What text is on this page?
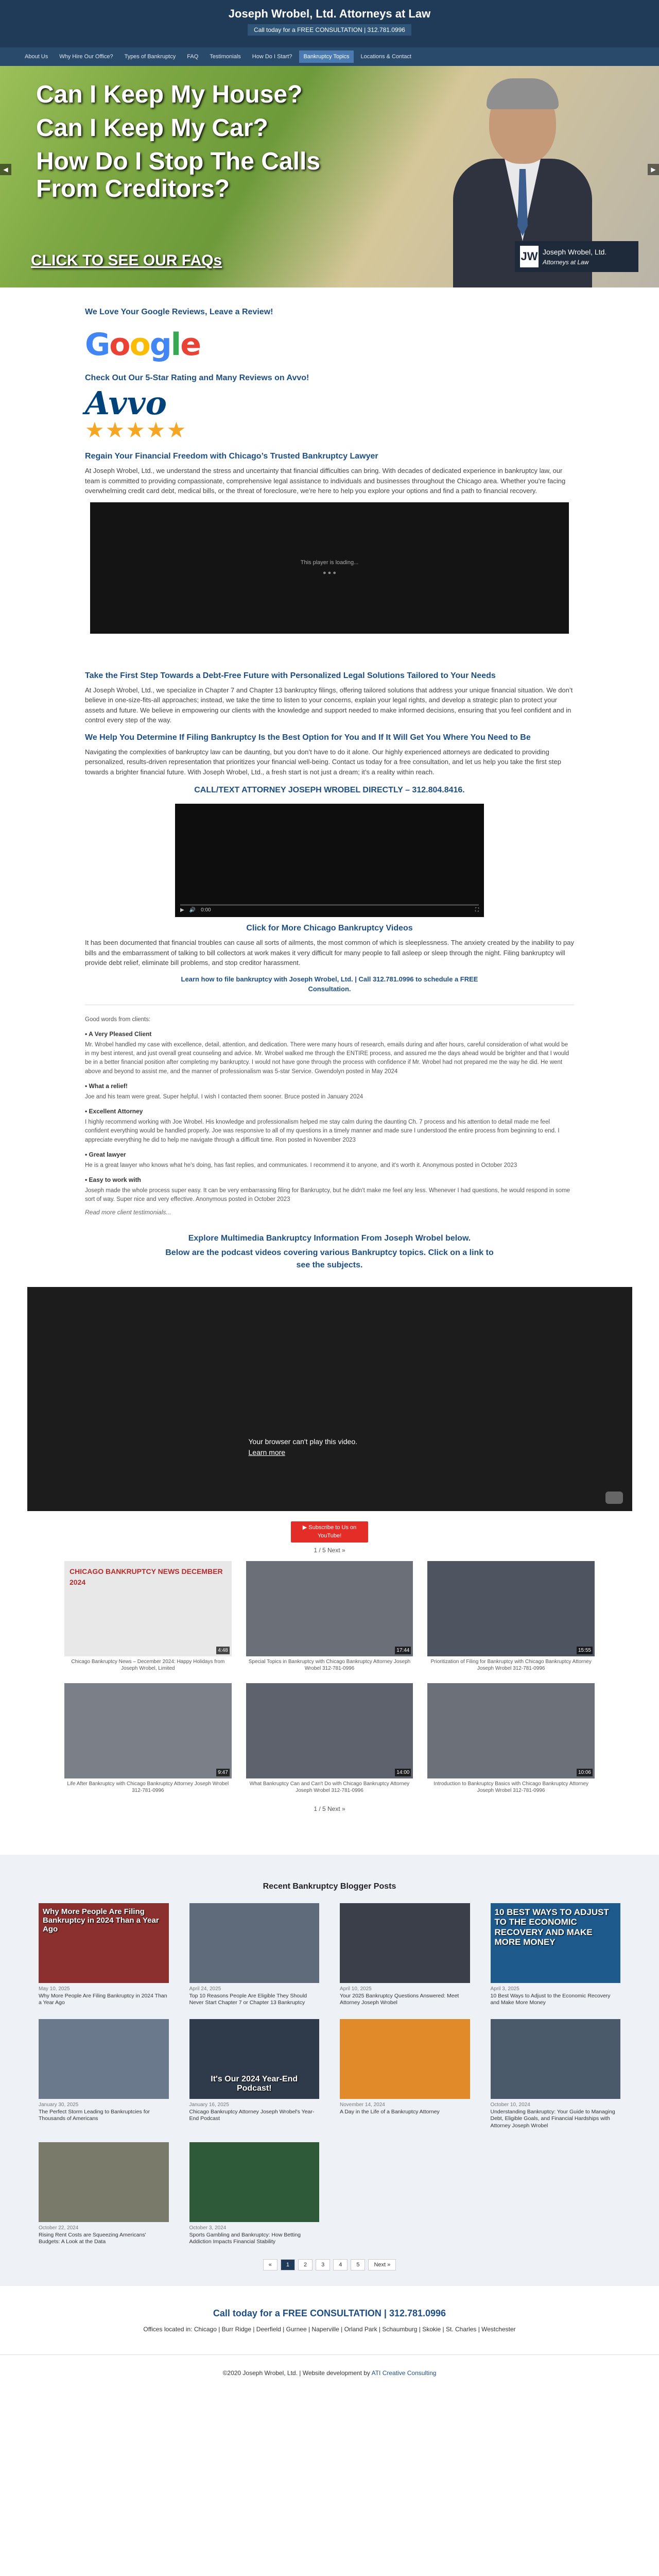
Joseph Wrobel, Ltd. Attorneys at Law
Call today for a FREE CONSULTATION | 312.781.0996
About Us	Why Hire Our Office?	Types of Bankruptcy	FAQ	Testimonials	How Do I Start?	Bankruptcy Topics	Locations & Contact
Can I Keep My House?
Can I Keep My Car?
How Do I Stop The Calls From Creditors?
CLICK TO SEE OUR FAQs	JW Joseph Wrobel, Ltd.
Attorneys at Law
◀	▶
We Love Your Google Reviews, Leave a Review!
Google
Check Out Our 5-Star Rating and Many Reviews on Avvo!
Avvo
★★★★★
Regain Your Financial Freedom with Chicago’s Trusted Bankruptcy Lawyer

At Joseph Wrobel, Ltd., we understand the stress and uncertainty that financial difficulties can bring. With decades of dedicated experience in bankruptcy law, our team is committed to providing compassionate, comprehensive legal assistance to individuals and businesses throughout the Chicago area. Whether you're facing overwhelming credit card debt, medical bills, or the threat of foreclosure, we're here to help you explore your options and find a path to financial recovery.

This player is loading...
● ● ●
Take the First Step Towards a Debt-Free Future with Personalized Legal Solutions Tailored to Your Needs

At Joseph Wrobel, Ltd., we specialize in Chapter 7 and Chapter 13 bankruptcy filings, offering tailored solutions that address your unique financial situation. We don’t believe in one-size-fits-all approaches; instead, we take the time to listen to your concerns, explain your legal rights, and develop a strategic plan to protect your assets and future. We believe in empowering our clients with the knowledge and support needed to make informed decisions, ensuring that you feel confident and in control every step of the way.

We Help You Determine If Filing Bankruptcy Is the Best Option for You and If It Will Get You Where You Need to Be

Navigating the complexities of bankruptcy law can be daunting, but you don’t have to do it alone. Our highly experienced attorneys are dedicated to providing personalized, results-driven representation that prioritizes your financial well-being. Contact us today for a free consultation, and let us help you take the first step towards a brighter financial future. With Joseph Wrobel, Ltd., a fresh start is not just a dream; it’s a reality within reach.

CALL/TEXT ATTORNEY JOSEPH WROBEL DIRECTLY – 312.804.8416.
▶ 🔊 0:00	⛶
Click for More Chicago Bankruptcy Videos

It has been documented that financial troubles can cause all sorts of ailments, the most common of which is sleeplessness. The anxiety created by the inability to pay bills and the embarrassment of talking to bill collectors at work makes it very difficult for many people to fall asleep or sleep through the night. Filing bankruptcy will provide debt relief, eliminate bill problems, and stop creditor harassment.

Learn how to file bankruptcy with Joseph Wrobel, Ltd. | Call 312.781.0996 to schedule a FREE Consultation.
Good words from clients:
• A Very Pleased Client
Mr. Wrobel handled my case with excellence, detail, attention, and dedication. There were many hours of research, emails during and after hours, careful consideration of what would be in my best interest, and just overall great counseling and advice. Mr. Wrobel walked me through the ENTIRE process, and assured me the days ahead would be brighter and that I would be in a better financial position after completing my bankruptcy. I would not have gone through the process with confidence if Mr. Wrobel had not prepared me the way he did. He went above and beyond to assist me, and the manner of professionalism was 5-star Service. Gwendolyn posted in May 2024
• What a relief!
Joe and his team were great. Super helpful. I wish I contacted them sooner. Bruce posted in January 2024
• Excellent Attorney
I highly recommend working with Joe Wrobel. His knowledge and professionalism helped me stay calm during the daunting Ch. 7 process and his attention to detail made me feel confident everything would be handled properly. Joe was responsive to all of my questions in a timely manner and made sure I understood the entire process from beginning to end. I appreciate everything he did to help me navigate through a difficult time. Ron posted in November 2023
• Great lawyer
He is a great lawyer who knows what he's doing, has fast replies, and communicates. I recommend it to anyone, and it's worth it. Anonymous posted in October 2023
• Easy to work with
Joseph made the whole process super easy. It can be very embarrassing filing for Bankruptcy, but he didn't make me feel any less. Whenever I had questions, he would respond in some sort of way. Super nice and very effective. Anonymous posted in October 2023
Read more client testimonials...
Explore Multimedia Bankruptcy Information From Joseph Wrobel below.
Below are the podcast videos covering various Bankruptcy topics. Click on a link to see the subjects.
Your browser can't play this video.
Learn more
▶ Subscribe to Us on YouTube!
1 / 5 Next »
CHICAGO BANKRUPTCY NEWS DECEMBER 2024
4:48
Chicago Bankruptcy News – December 2024: Happy Holidays from Joseph Wrobel, Limited
17:44
Special Topics in Bankruptcy with Chicago Bankruptcy Attorney Joseph Wrobel 312-781-0996
15:55
Prioritization of Filing for Bankruptcy with Chicago Bankruptcy Attorney Joseph Wrobel 312-781-0996
9:47
Life After Bankruptcy with Chicago Bankruptcy Attorney Joseph Wrobel 312-781-0996
14:00
What Bankruptcy Can and Can't Do with Chicago Bankruptcy Attorney Joseph Wrobel 312-781-0996
10:06
Introduction to Bankruptcy Basics with Chicago Bankruptcy Attorney Joseph Wrobel 312-781-0996
1 / 5 Next »
Recent Bankruptcy Blogger Posts
Why More People Are Filing Bankruptcy in 2024 Than a Year Ago
May 10, 2025
Why More People Are Filing Bankruptcy in 2024 Than a Year Ago
April 24, 2025
Top 10 Reasons People Are Eligible They Should Never Start Chapter 7 or Chapter 13 Bankruptcy
April 10, 2025
Your 2025 Bankruptcy Questions Answered: Meet Attorney Joseph Wrobel
10 BEST WAYS TO ADJUST TO THE ECONOMIC RECOVERY AND MAKE MORE MONEY
April 3, 2025
10 Best Ways to Adjust to the Economic Recovery and Make More Money
January 30, 2025
The Perfect Storm Leading to Bankruptcies for Thousands of Americans
It's Our 2024 Year-End Podcast!
January 16, 2025
Chicago Bankruptcy Attorney Joseph Wrobel's Year-End Podcast
November 14, 2024
A Day in the Life of a Bankruptcy Attorney
October 10, 2024
Understanding Bankruptcy: Your Guide to Managing Debt, Eligible Goals, and Financial Hardships with Attorney Joseph Wrobel
October 22, 2024
Rising Rent Costs are Squeezing Americans' Budgets: A Look at the Data
October 3, 2024
Sports Gambling and Bankruptcy: How Betting Addiction Impacts Financial Stability
«	1	2	3	4	5	Next »
Call today for a FREE CONSULTATION | 312.781.0996
Offices located in: Chicago | Burr Ridge | Deerfield | Gurnee | Naperville | Orland Park | Schaumburg | Skokie | St. Charles | Westchester
©2020 Joseph Wrobel, Ltd. | Website development by ATI Creative Consulting
